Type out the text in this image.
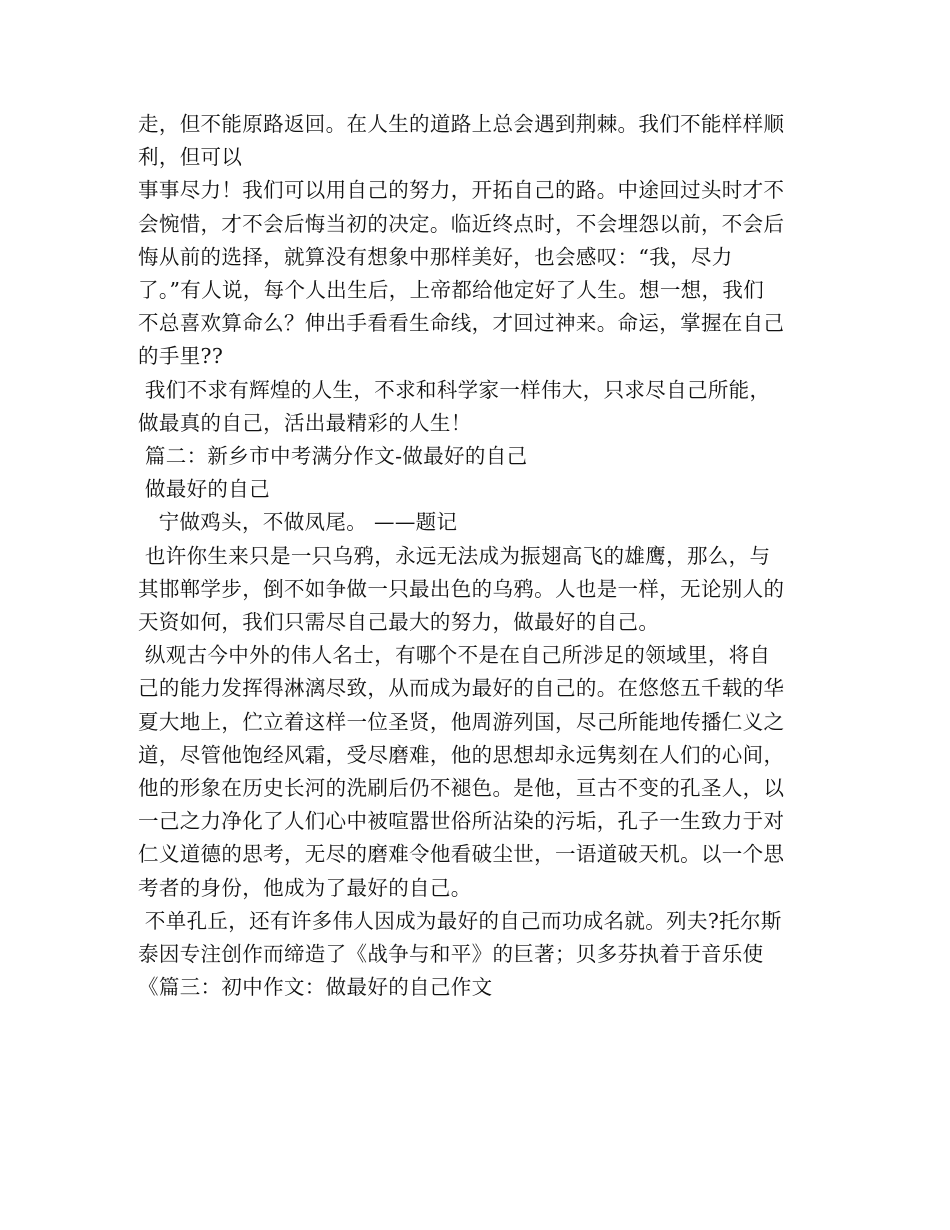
走，但不能原路返回。在人生的道路上总会遇到荆棘。我们不能样样顺
利，但可以
事事尽力！我们可以用自己的努力，开拓自己的路。中途回过头时才不
会惋惜，才不会后悔当初的决定。临近终点时，不会埋怨以前，不会后
悔从前的选择，就算没有想象中那样美好，也会感叹：“我，尽力
了。”有人说，每个人出生后，上帝都给他定好了人生。想一想，我们
不总喜欢算命么？伸出手看看生命线，才回过神来。命运，掌握在自己
的手里??
我们不求有辉煌的人生，不求和科学家一样伟大，只求尽自己所能，
做最真的自己，活出最精彩的人生！
篇二：新乡市中考满分作文-做最好的自己
做最好的自己
宁做鸡头，不做凤尾。 ——题记
也许你生来只是一只乌鸦，永远无法成为振翅高飞的雄鹰，那么，与
其邯郸学步，倒不如争做一只最出色的乌鸦。人也是一样，无论别人的
天资如何，我们只需尽自己最大的努力，做最好的自己。
纵观古今中外的伟人名士，有哪个不是在自己所涉足的领域里，将自
己的能力发挥得淋漓尽致，从而成为最好的自己的。在悠悠五千载的华
夏大地上，伫立着这样一位圣贤，他周游列国，尽己所能地传播仁义之
道，尽管他饱经风霜，受尽磨难，他的思想却永远隽刻在人们的心间，
他的形象在历史长河的洗刷后仍不褪色。是他，亘古不变的孔圣人，以
一己之力净化了人们心中被喧嚣世俗所沾染的污垢，孔子一生致力于对
仁义道德的思考，无尽的磨难令他看破尘世，一语道破天机。以一个思
考者的身份，他成为了最好的自己。
不单孔丘，还有许多伟人因成为最好的自己而功成名就。列夫?托尔斯
泰因专注创作而缔造了《战争与和平》的巨著；贝多芬执着于音乐使
《篇三：初中作文：做最好的自己作文
